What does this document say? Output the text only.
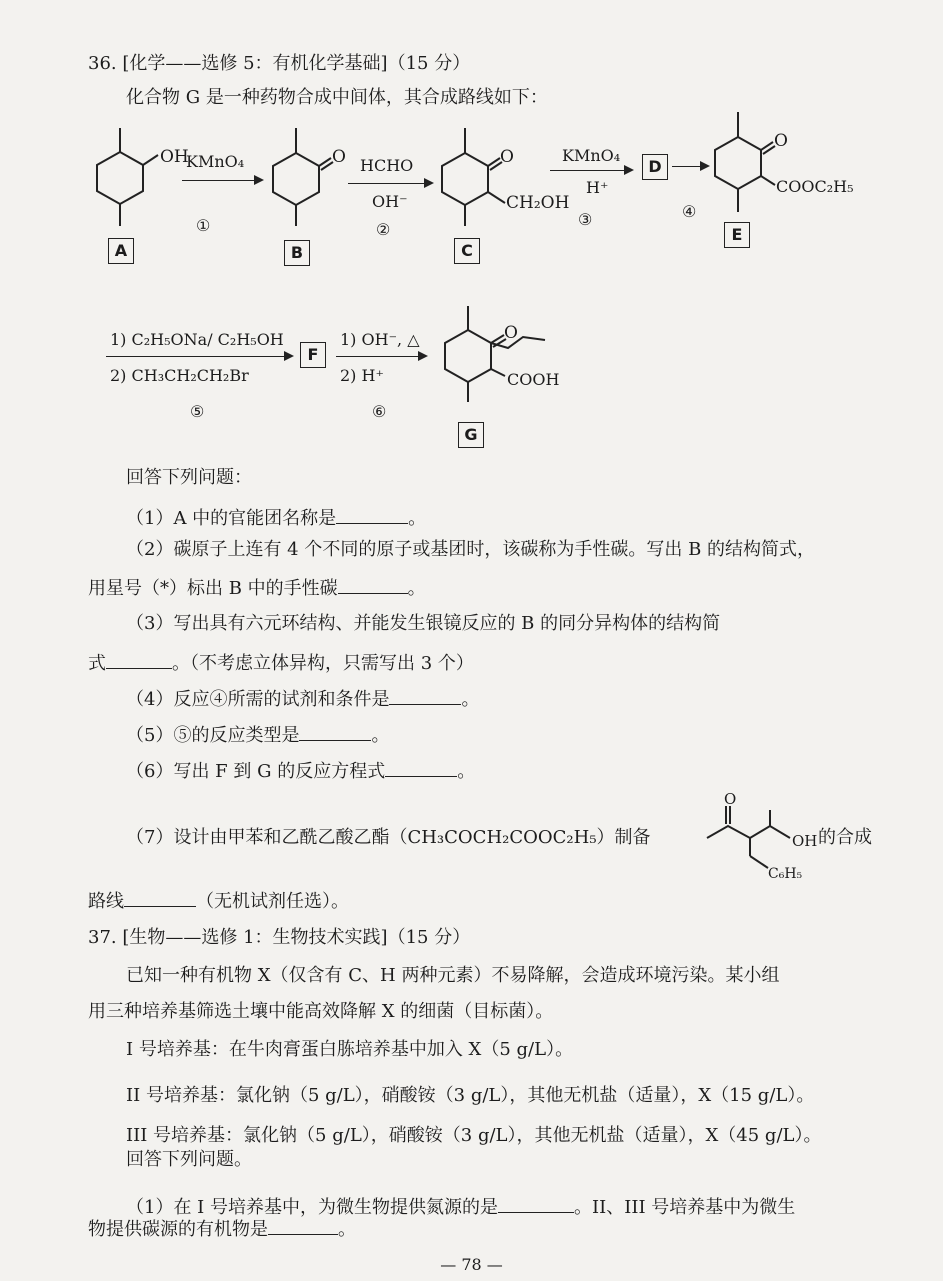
36. [化学——选修 5：有机化学基础]（15 分）
化合物 G 是一种药物合成中间体，其合成路线如下：
OH	O	O
CH₂OH
O
COOC₂H₅
O
COOH
O
OH
C₆H₅
A	B	C
D
E
F
G
KMnO₄
①
HCHO
OH⁻
②
KMnO₄
H⁺
③	④
1) C₂H₅ONa/ C₂H₅OH
2) CH₃CH₂CH₂Br
⑤
1) OH⁻, △
2) H⁺
⑥
回答下列问题：
（1）A 中的官能团名称是	。
（2）碳原子上连有 4 个不同的原子或基团时，该碳称为手性碳。写出 B 的结构简式，
用星号（*）标出 B 中的手性碳	。
（3）写出具有六元环结构、并能发生银镜反应的 B 的同分异构体的结构简
式	。（不考虑立体异构，只需写出 3 个）
（4）反应④所需的试剂和条件是	。
（5）⑤的反应类型是	。
（6）写出 F 到 G 的反应方程式	。
（7）设计由甲苯和乙酰乙酸乙酯（CH₃COCH₂COOC₂H₅）制备	的合成
路线	（无机试剂任选）。
37. [生物——选修 1：生物技术实践]（15 分）
已知一种有机物 X（仅含有 C、H 两种元素）不易降解，会造成环境污染。某小组
用三种培养基筛选土壤中能高效降解 X 的细菌（目标菌）。
I 号培养基：在牛肉膏蛋白胨培养基中加入 X（5 g/L）。
II 号培养基：氯化钠（5 g/L），硝酸铵（3 g/L），其他无机盐（适量），X（15 g/L）。
III 号培养基：氯化钠（5 g/L），硝酸铵（3 g/L），其他无机盐（适量），X（45 g/L）。
回答下列问题。
（1）在 I 号培养基中，为微生物提供氮源的是	。II、III 号培养基中为微生
物提供碳源的有机物是	。
— 78 —
